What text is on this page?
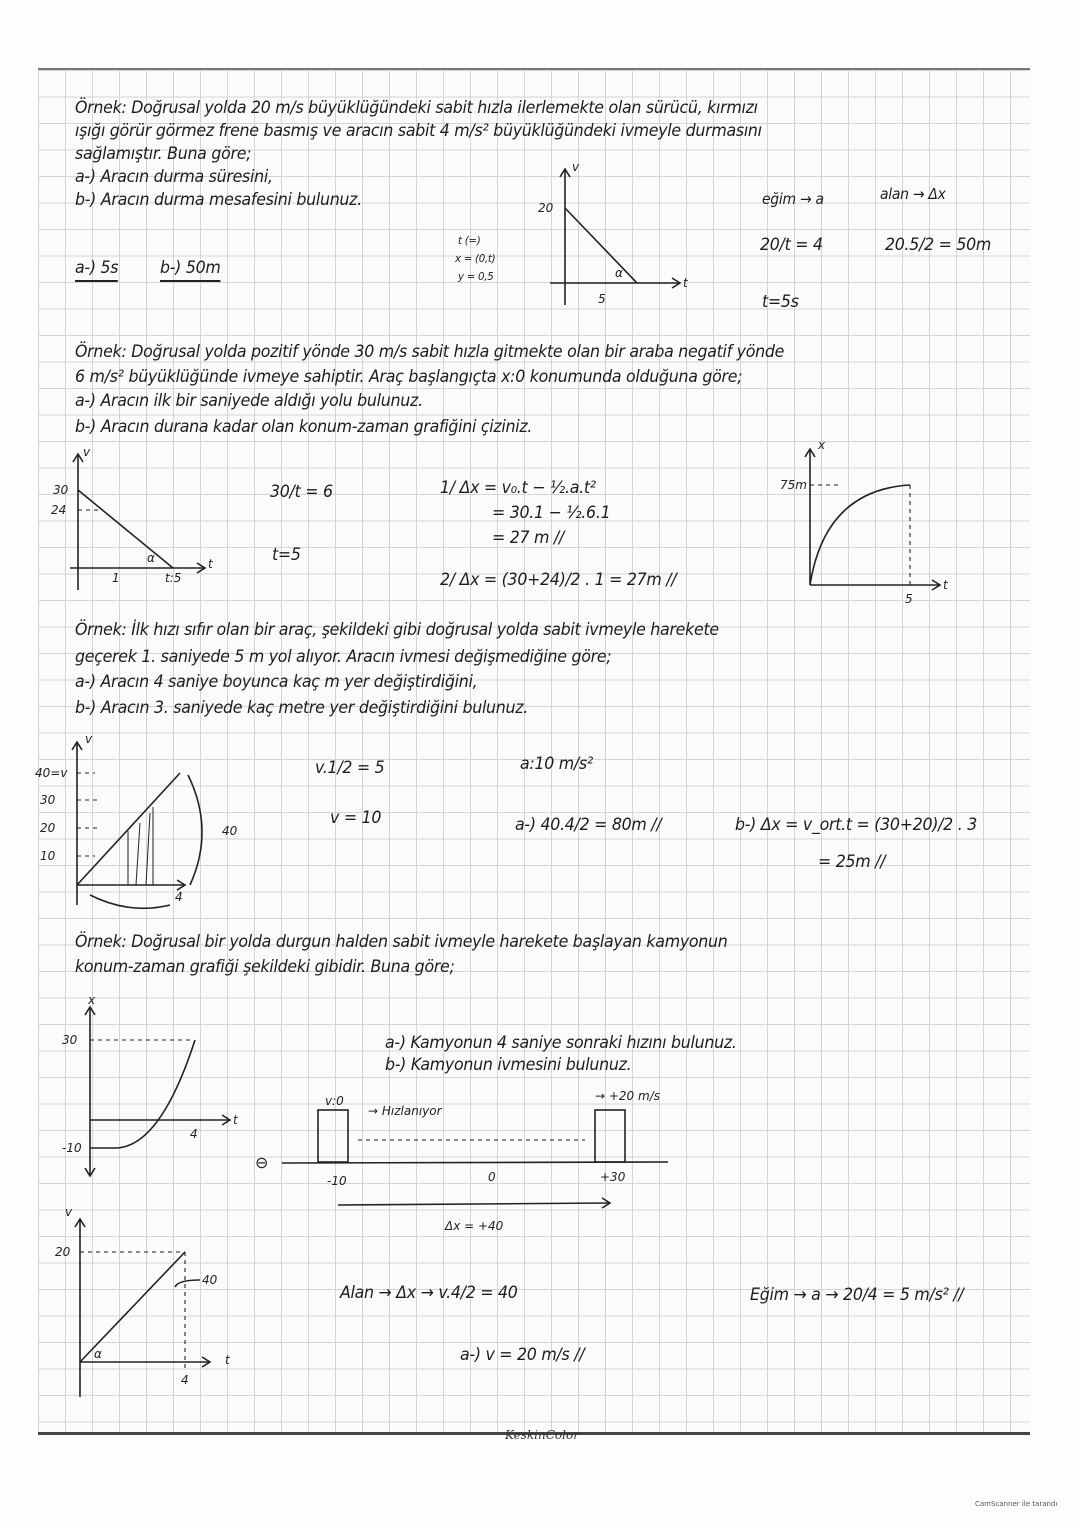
Örnek: Doğrusal yolda 20 m/s büyüklüğündeki sabit hızla ilerlemekte olan sürücü, kırmızı
ışığı görür görmez frene basmış ve aracın sabit 4 m/s² büyüklüğündeki ivmeyle durmasını
sağlamıştır. Buna göre;
a-) Aracın durma süresini,
b-) Aracın durma mesafesini bulunuz.
a-) 5s b-) 50m
t (=)
x = (0,t)
y = 0,5
v
20
t
5
α
eğim → a	alan → Δx
20/t = 4
t=5s
20.5/2 = 50m
Örnek: Doğrusal yolda pozitif yönde 30 m/s sabit hızla gitmekte olan bir araba negatif yönde
6 m/s² büyüklüğünde ivmeye sahiptir. Araç başlangıçta x:0 konumunda olduğuna göre;
a-) Aracın ilk bir saniyede aldığı yolu bulunuz.
b-) Aracın durana kadar olan konum-zaman grafiğini çiziniz.
v
30
24
1	t:5
t
α
30/t = 6
t=5
1/ Δx = v₀.t − ½.a.t²
= 30.1 − ½.6.1
= 27 m //
2/ Δx = (30+24)/2 . 1 = 27m //
x
75m
5
t
Örnek: İlk hızı sıfır olan bir araç, şekildeki gibi doğrusal yolda sabit ivmeyle harekete
geçerek 1. saniyede 5 m yol alıyor. Aracın ivmesi değişmediğine göre;
a-) Aracın 4 saniye boyunca kaç m yer değiştirdiğini,
b-) Aracın 3. saniyede kaç metre yer değiştirdiğini bulunuz.
v
40=v
30
20
10
40
4
v.1/2 = 5
v = 10
a:10 m/s²
a-) 40.4/2 = 80m //	b-) Δx = v_ort.t = (30+20)/2 . 3
= 25m //
Örnek: Doğrusal bir yolda durgun halden sabit ivmeyle harekete başlayan kamyonun
konum-zaman grafiği şekildeki gibidir. Buna göre;
a-) Kamyonun 4 saniye sonraki hızını bulunuz.
b-) Kamyonun ivmesini bulunuz.
x
30
-10
4
t
⊖
v:0
→ Hızlanıyor
→ +20 m/s
-10	0	+30
Δx = +40
v
20
40
4
t
α
Alan → Δx → v.4/2 = 40
a-) v = 20 m/s //
Eğim → a → 20/4 = 5 m/s² //
KeskinColor
CamScanner ile tarandı
